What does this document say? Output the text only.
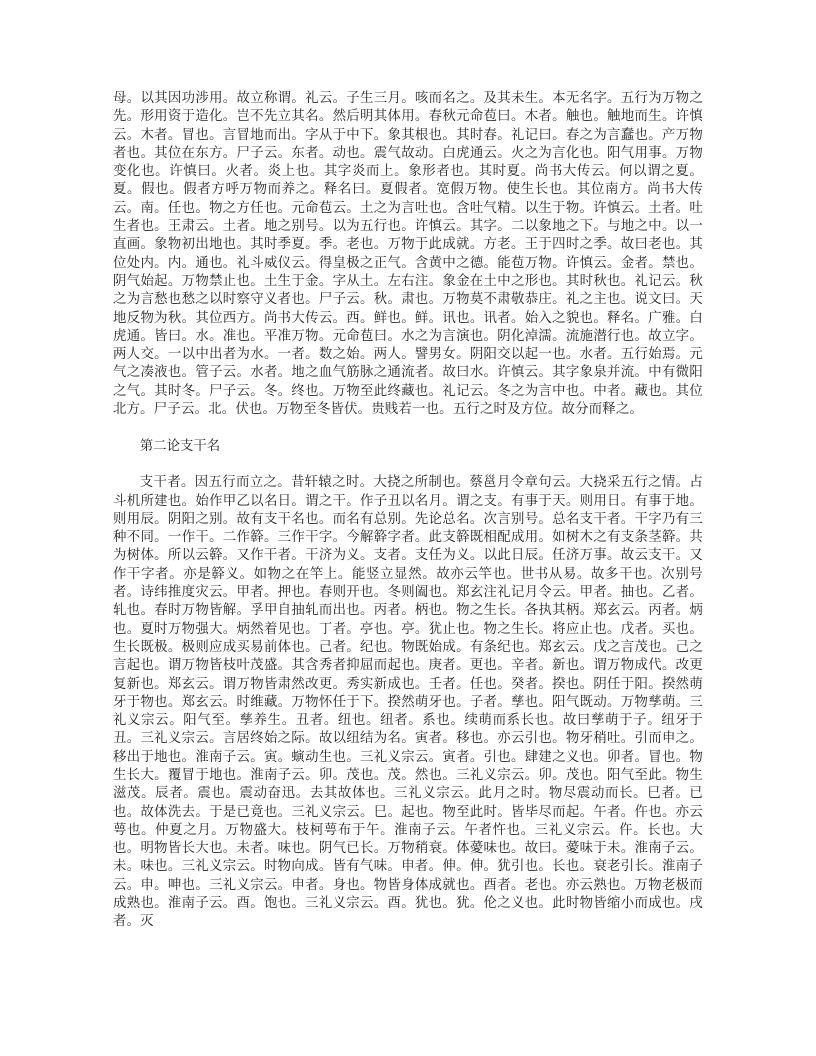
母。以其因功涉用。故立称谓。礼云。子生三月。咳而名之。及其未生。本无名字。五行为万物之先。形用资于造化。岂不先立其名。然后明其体用。春秋元命苞曰。木者。触也。触地而生。许慎云。木者。冒也。言冒地而出。字从于中下。象其根也。其时春。礼记曰。春之为言蠢也。产万物者也。其位在东方。尸子云。东者。动也。震气故动。白虎通云。火之为言化也。阳气用事。万物变化也。许慎曰。火者。炎上也。其字炎而上。象形者也。其时夏。尚书大传云。何以谓之夏。夏。假也。假者方呼万物而养之。释名曰。夏假者。宽假万物。使生长也。其位南方。尚书大传云。南。任也。物之方任也。元命苞云。土之为言吐也。含吐气精。以生于物。许慎云。土者。吐生者也。王肃云。土者。地之别号。以为五行也。许慎云。其字。二以象地之下。与地之中。以一直画。象物初出地也。其时季夏。季。老也。万物于此成就。方老。王于四时之季。故曰老也。其位处内。内。通也。礼斗威仪云。得皇极之正气。含黄中之德。能苞万物。许慎云。金者。禁也。阴气始起。万物禁止也。土生于金。字从土。左右注。象金在土中之形也。其时秋也。礼记云。秋之为言愁也愁之以时察守义者也。尸子云。秋。肃也。万物莫不肃敬恭庄。礼之主也。说文曰。天地反物为秋。其位西方。尚书大传云。西。鲜也。鲜。讯也。讯者。始入之貌也。释名。广雅。白虎通。皆曰。水。准也。平准万物。元命苞曰。水之为言演也。阴化淖濡。流施潜行也。故立字。两人交。一以中出者为水。一者。数之始。两人。譬男女。阴阳交以起一也。水者。五行始焉。元气之凑液也。管子云。水者。地之血气筋脉之通流者。故曰水。许慎云。其字象泉并流。中有微阳之气。其时冬。尸子云。冬。终也。万物至此终藏也。礼记云。冬之为言中也。中者。藏也。其位北方。尸子云。北。伏也。万物至冬皆伏。贵贱若一也。五行之时及方位。故分而释之。

第二论支干名

支干者。因五行而立之。昔轩辕之时。大挠之所制也。蔡邕月令章句云。大挠采五行之情。占斗机所建也。始作甲乙以名日。谓之干。作子丑以名月。谓之支。有事于天。则用日。有事于地。则用辰。阴阳之别。故有支干名也。而名有总别。先论总名。次言别号。总名支干者。干字乃有三种不同。一作干。二作簳。三作干字。今解簳字者。此支簳既相配成用。如树木之有支条茎簳。共为树体。所以云簳。又作干者。干济为义。支者。支任为义。以此日辰。任济万事。故云支干。又作干字者。亦是簳义。如物之在竿上。能竖立显然。故亦云竿也。世书从易。故多干也。次别号者。诗纬推度灾云。甲者。押也。春则开也。冬则阖也。郑玄注礼记月令云。甲者。抽也。乙者。轧也。春时万物皆解。孚甲自抽轧而出也。丙者。柄也。物之生长。各执其柄。郑玄云。丙者。炳也。夏时万物强大。炳然着见也。丁者。亭也。亭。犹止也。物之生长。将应止也。戊者。买也。生长既极。极则应成买易前体也。己者。纪也。物既始成。有条纪也。郑玄云。戊之言茂也。己之言起也。谓万物皆枝叶茂盛。其含秀者抑屈而起也。庚者。更也。辛者。新也。谓万物成代。改更复新也。郑玄云。谓万物皆肃然改更。秀实新成也。壬者。任也。癸者。揆也。阴任于阳。揆然萌牙于物也。郑玄云。时维藏。万物怀任于下。揆然萌牙也。子者。孳也。阳气既动。万物孳萌。三礼义宗云。阳气至。孳养生。丑者。纽也。纽者。系也。续萌而系长也。故曰孳萌于子。纽牙于丑。三礼义宗云。言居终始之际。故以纽结为名。寅者。移也。亦云引也。物牙稍吐。引而申之。移出于地也。淮南子云。寅。螾动生也。三礼义宗云。寅者。引也。肆建之义也。卯者。冒也。物生长大。覆冒于地也。淮南子云。卯。茂也。茂。然也。三礼义宗云。卯。茂也。阳气至此。物生滋茂。辰者。震也。震动奋迅。去其故体也。三礼义宗云。此月之时。物尽震动而长。巳者。已也。故体洗去。于是已竟也。三礼义宗云。巳。起也。物至此时。皆毕尽而起。午者。仵也。亦云萼也。仲夏之月。万物盛大。枝柯萼布于午。淮南子云。午者忤也。三礼义宗云。仵。长也。大也。明物皆长大也。未者。味也。阴气已长。万物稍衰。体薆味也。故曰。薆味于未。淮南子云。未。味也。三礼义宗云。时物向成。皆有气味。申者。伸。伸。犹引也。长也。衰老引长。淮南子云。申。呻也。三礼义宗云。申者。身也。物皆身体成就也。酉者。老也。亦云熟也。万物老极而成熟也。淮南子云。酉。饱也。三礼义宗云。酉。犹也。犹。伦之义也。此时物皆缩小而成也。戌者。灭
